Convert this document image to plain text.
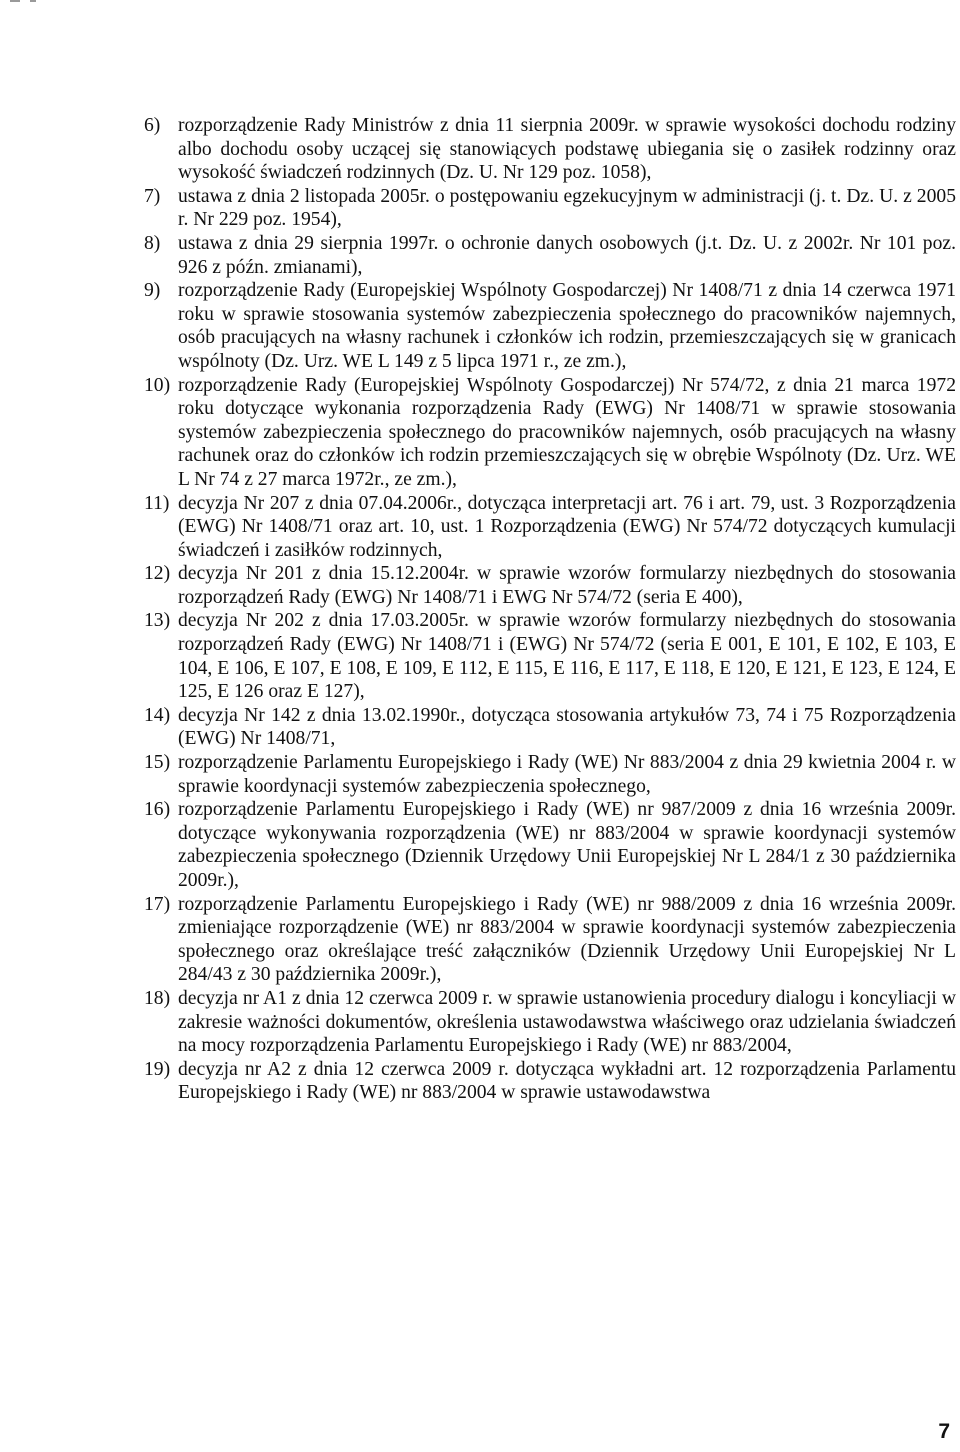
6) rozporządzenie Rady Ministrów z dnia 11 sierpnia 2009r. w sprawie wysokości dochodu rodziny albo dochodu osoby uczącej się stanowiących podstawę ubiegania się o zasiłek rodzinny oraz wysokość świadczeń rodzinnych (Dz. U. Nr 129 poz. 1058),
7) ustawa z dnia 2 listopada 2005r. o postępowaniu egzekucyjnym w administracji (j. t. Dz. U. z 2005 r. Nr 229 poz. 1954),
8) ustawa z dnia 29 sierpnia 1997r. o ochronie danych osobowych (j.t. Dz. U. z 2002r. Nr 101 poz. 926 z późn. zmianami),
9) rozporządzenie Rady (Europejskiej Wspólnoty Gospodarczej) Nr 1408/71 z dnia 14 czerwca 1971 roku w sprawie stosowania systemów zabezpieczenia społecznego do pracowników najemnych, osób pracujących na własny rachunek i członków ich rodzin, przemieszczających się w granicach wspólnoty (Dz. Urz. WE L 149 z 5 lipca 1971 r., ze zm.),
10) rozporządzenie Rady (Europejskiej Wspólnoty Gospodarczej) Nr 574/72, z dnia 21 marca 1972 roku dotyczące wykonania rozporządzenia Rady (EWG) Nr 1408/71 w sprawie stosowania systemów zabezpieczenia społecznego do pracowników najemnych, osób pracujących na własny rachunek oraz do członków ich rodzin przemieszczających się w obrębie Wspólnoty (Dz. Urz. WE L Nr 74 z 27 marca 1972r., ze zm.),
11) decyzja Nr 207 z dnia 07.04.2006r., dotycząca interpretacji art. 76 i art. 79, ust. 3 Rozporządzenia (EWG) Nr 1408/71 oraz art. 10, ust. 1 Rozporządzenia (EWG) Nr 574/72 dotyczących kumulacji świadczeń i zasiłków rodzinnych,
12) decyzja Nr 201 z dnia 15.12.2004r. w sprawie wzorów formularzy niezbędnych do stosowania rozporządzeń Rady (EWG) Nr 1408/71 i EWG Nr 574/72 (seria E 400),
13) decyzja Nr 202 z dnia 17.03.2005r. w sprawie wzorów formularzy niezbędnych do stosowania rozporządzeń Rady (EWG) Nr 1408/71 i (EWG) Nr 574/72 (seria E 001, E 101, E 102, E 103, E 104, E 106, E 107, E 108, E 109, E 112, E 115, E 116, E 117, E 118, E 120, E 121, E 123, E 124, E 125, E 126 oraz E 127),
14) decyzja Nr 142 z dnia 13.02.1990r., dotycząca stosowania artykułów 73, 74 i 75 Rozporządzenia (EWG) Nr 1408/71,
15) rozporządzenie Parlamentu Europejskiego i Rady (WE) Nr 883/2004 z dnia 29 kwietnia 2004 r. w sprawie koordynacji systemów zabezpieczenia społecznego,
16) rozporządzenie Parlamentu Europejskiego i Rady (WE) nr 987/2009 z dnia 16 września 2009r. dotyczące wykonywania rozporządzenia (WE) nr 883/2004 w sprawie koordynacji systemów zabezpieczenia społecznego (Dziennik Urzędowy Unii Europejskiej Nr L 284/1 z 30 października 2009r.),
17) rozporządzenie Parlamentu Europejskiego i Rady (WE) nr 988/2009 z dnia 16 września 2009r. zmieniające rozporządzenie (WE) nr 883/2004 w sprawie koordynacji systemów zabezpieczenia społecznego oraz określające treść załączników (Dziennik Urzędowy Unii Europejskiej Nr L 284/43 z 30 października 2009r.),
18) decyzja nr A1 z dnia 12 czerwca 2009 r. w sprawie ustanowienia procedury dialogu i koncyliacji w zakresie ważności dokumentów, określenia ustawodawstwa właściwego oraz udzielania świadczeń na mocy rozporządzenia Parlamentu Europejskiego i Rady (WE) nr 883/2004,
19) decyzja nr A2 z dnia 12 czerwca 2009 r. dotycząca wykładni art. 12 rozporządzenia Parlamentu Europejskiego i Rady (WE) nr 883/2004 w sprawie ustawodawstwa
7
